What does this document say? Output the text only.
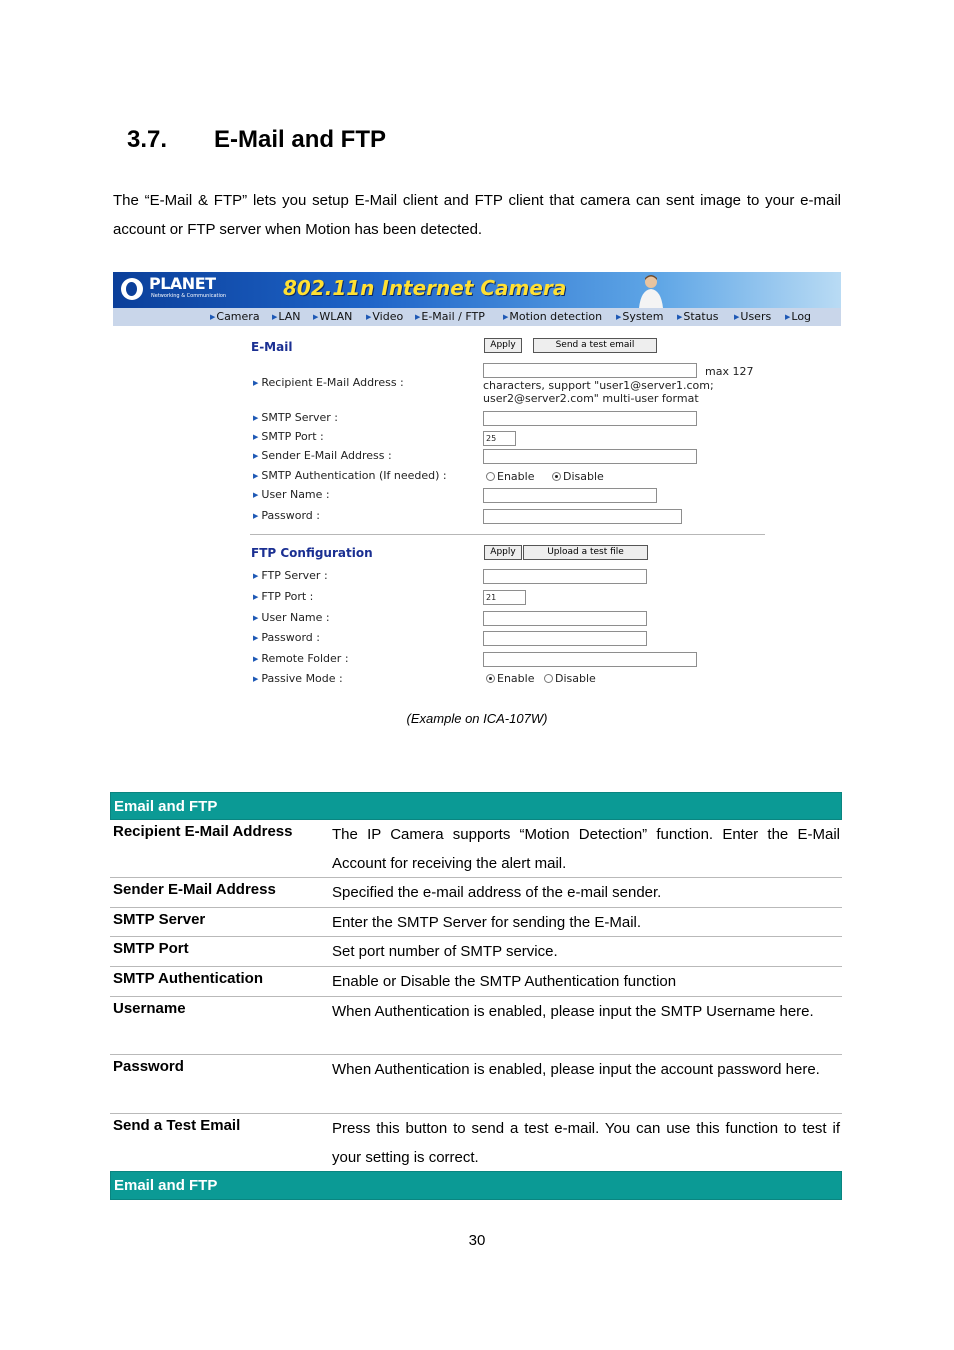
3.7. E-Mail and FTP

The “E-Mail & FTP” lets you setup E-Mail client and FTP client that camera can sent image to your e-mail account or FTP server when Motion has been detected.

PLANET
Networking & Communication	802.11n Internet Camera
▶Camera ▶LAN ▶WLAN ▶Video ▶E-Mail / FTP	▶Motion detection ▶System ▶Status ▶Users ▶Log
E-Mail	Apply	Send a test email
▶ Recipient E-Mail Address :
max 127
characters, support "user1@server1.com;
user2@server2.com" multi-user format
▶ SMTP Server :
▶ SMTP Port :	25
▶ Sender E-Mail Address :
▶ SMTP Authentication (If needed) :	Enable	Disable
▶ User Name :
▶ Password :
FTP Configuration	Apply	Upload a test file
▶ FTP Server :
▶ FTP Port :	21
▶ User Name :
▶ Password :
▶ Remote Folder :
▶ Passive Mode :	Enable	Disable
(Example on ICA-107W)
Email and FTP
Recipient E-Mail Address	The IP Camera supports “Motion Detection” function. Enter the E-Mail Account for receiving the alert mail.
Sender E-Mail Address	Specified the e-mail address of the e-mail sender.
SMTP Server	Enter the SMTP Server for sending the E-Mail.
SMTP Port	Set port number of SMTP service.
SMTP Authentication	Enable or Disable the SMTP Authentication function
Username	When Authentication is enabled, please input the SMTP Username here.
Password	When Authentication is enabled, please input the account password here.
Send a Test Email	Press this button to send a test e-mail. You can use this function to test if your setting is correct.
Email and FTP
30
